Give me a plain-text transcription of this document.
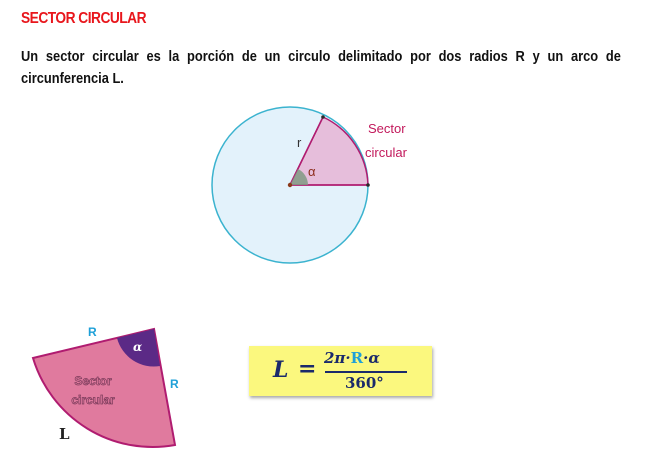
SECTOR CIRCULAR
Un sector circular es la porción de un circulo delimitado por dos radios R y un arco de circunferencia L.
r
α
Sector
circular
α
R
R
Sector
circular
L
L = 2π·R·α
360°
